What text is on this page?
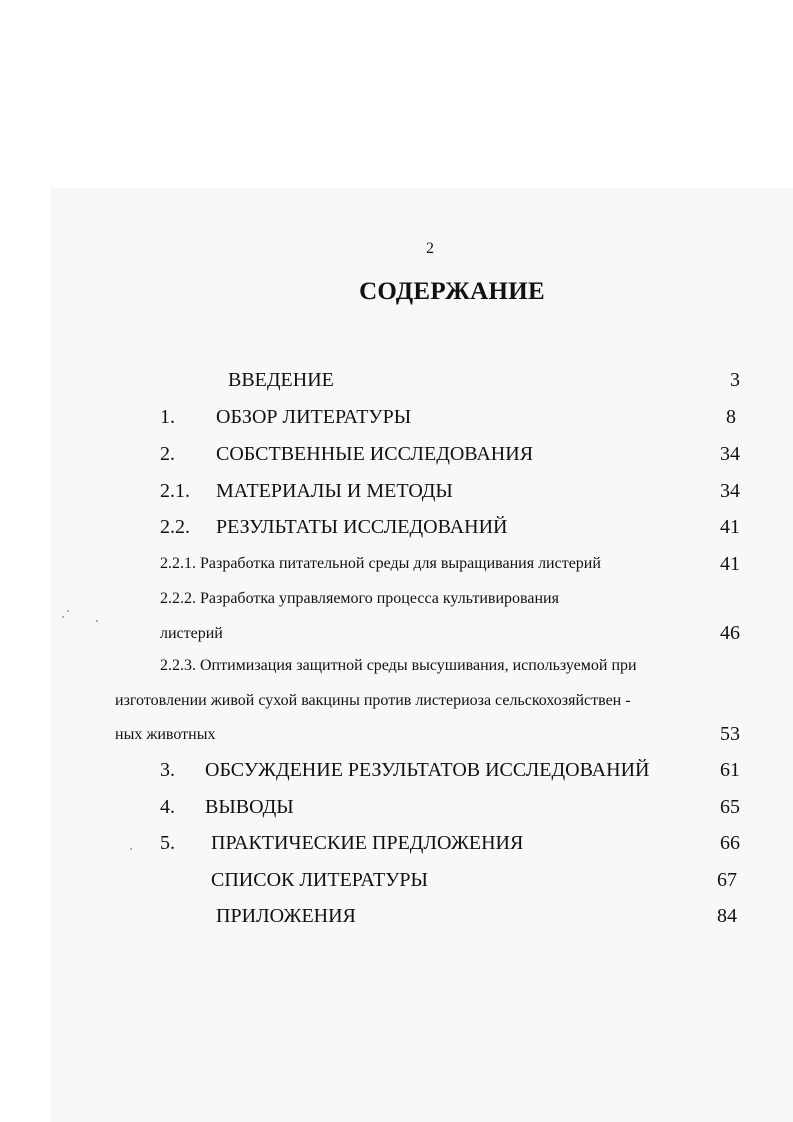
2
СОДЕРЖАНИЕ
ВВЕДЕНИЕ	3
1. ОБЗОР ЛИТЕРАТУРЫ	8
2. СОБСТВЕННЫЕ ИССЛЕДОВАНИЯ	34
2.1. МАТЕРИАЛЫ И МЕТОДЫ	34
2.2. РЕЗУЛЬТАТЫ ИССЛЕДОВАНИЙ	41
2.2.1. Разработка питательной среды для выращивания листерий	41
2.2.2. Разработка управляемого процесса культивирования
листерий	46
2.2.3. Оптимизация защитной среды высушивания, используемой при
изготовлении живой сухой вакцины против листериоза сельскохозяйствен -
ных животных	53
3. ОБСУЖДЕНИЕ РЕЗУЛЬТАТОВ ИССЛЕДОВАНИЙ	61
4. ВЫВОДЫ	65
5. ПРАКТИЧЕСКИЕ ПРЕДЛОЖЕНИЯ	66
СПИСОК ЛИТЕРАТУРЫ	67
ПРИЛОЖЕНИЯ	84
